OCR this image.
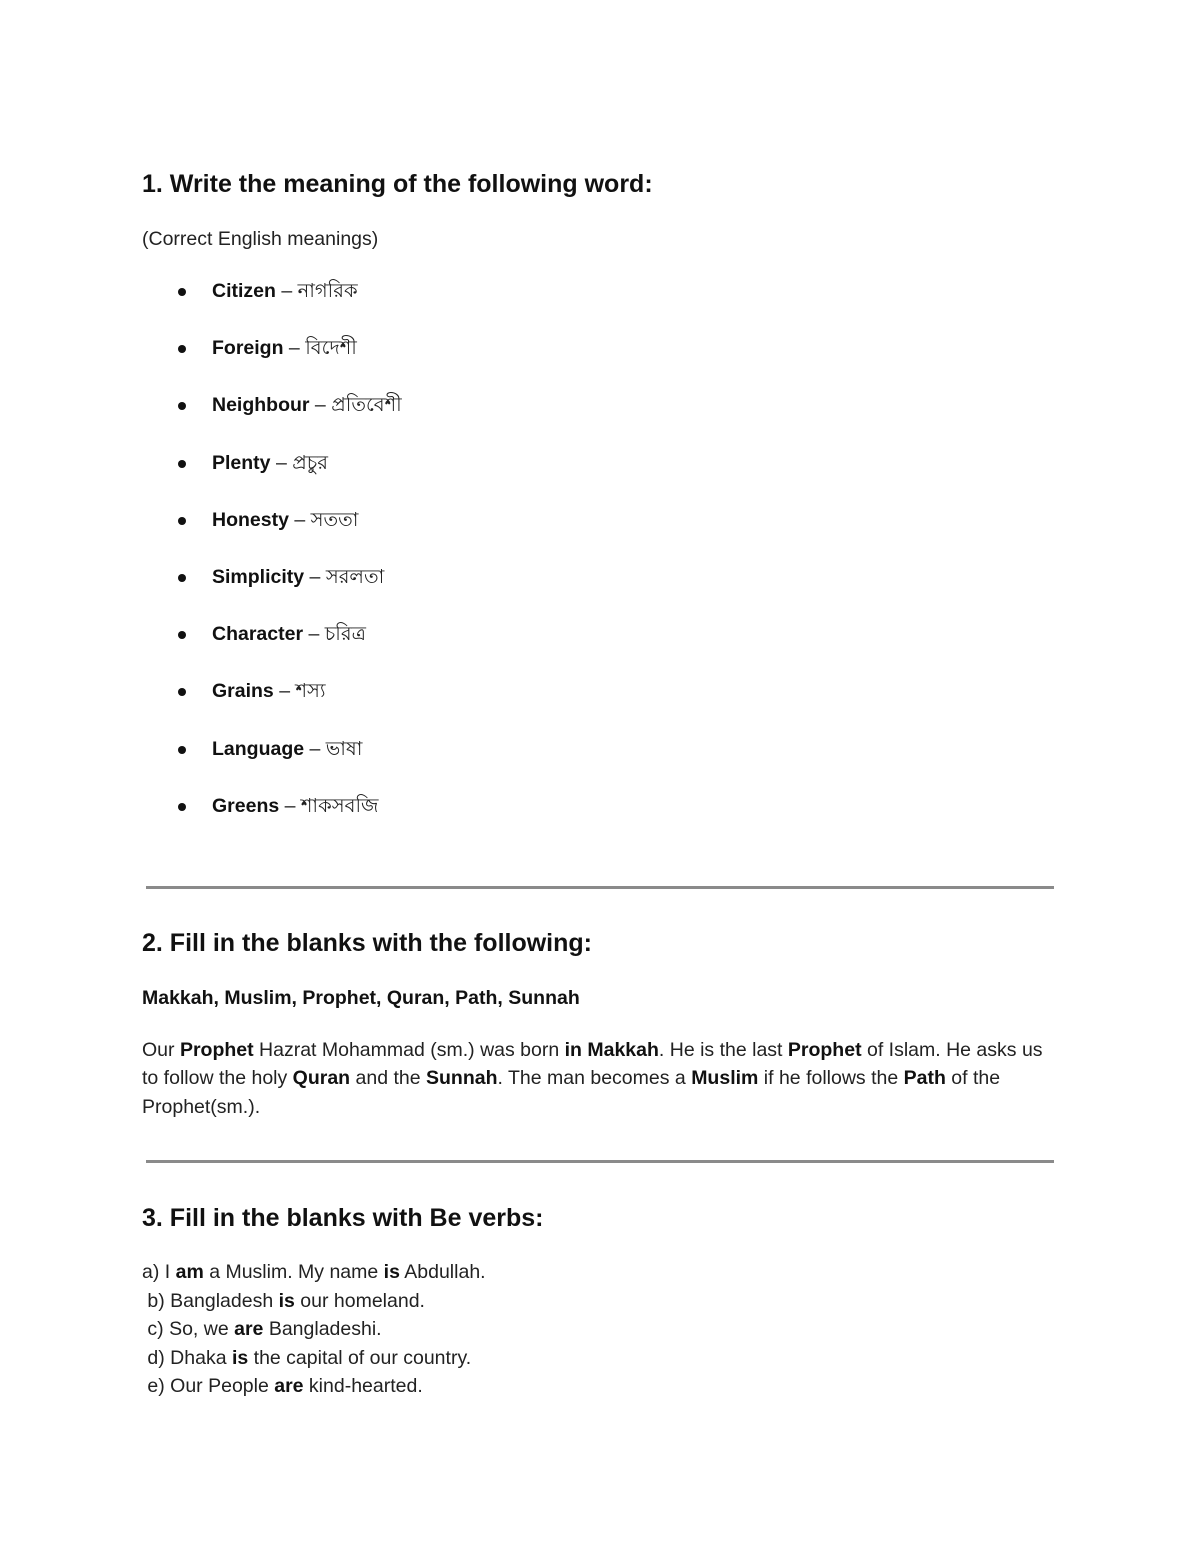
1. Write the meaning of the following word:

(Correct English meanings)

Citizen – নাগরিক
Foreign – বিদেশী
Neighbour – প্রতিবেশী
Plenty – প্রচুর
Honesty – সততা
Simplicity – সরলতা
Character – চরিত্র
Grains – শস্য
Language – ভাষা
Greens – শাকসবজি
2. Fill in the blanks with the following:

Makkah, Muslim, Prophet, Quran, Path, Sunnah

Our Prophet Hazrat Mohammad (sm.) was born in Makkah. He is the last Prophet of Islam. He asks us to follow the holy Quran and the Sunnah. The man becomes a Muslim if he follows the Path of the Prophet(sm.).

3. Fill in the blanks with Be verbs:
a) I am a Muslim. My name is Abdullah.
b) Bangladesh is our homeland.
c) So, we are Bangladeshi.
d) Dhaka is the capital of our country.
e) Our People are kind-hearted.
